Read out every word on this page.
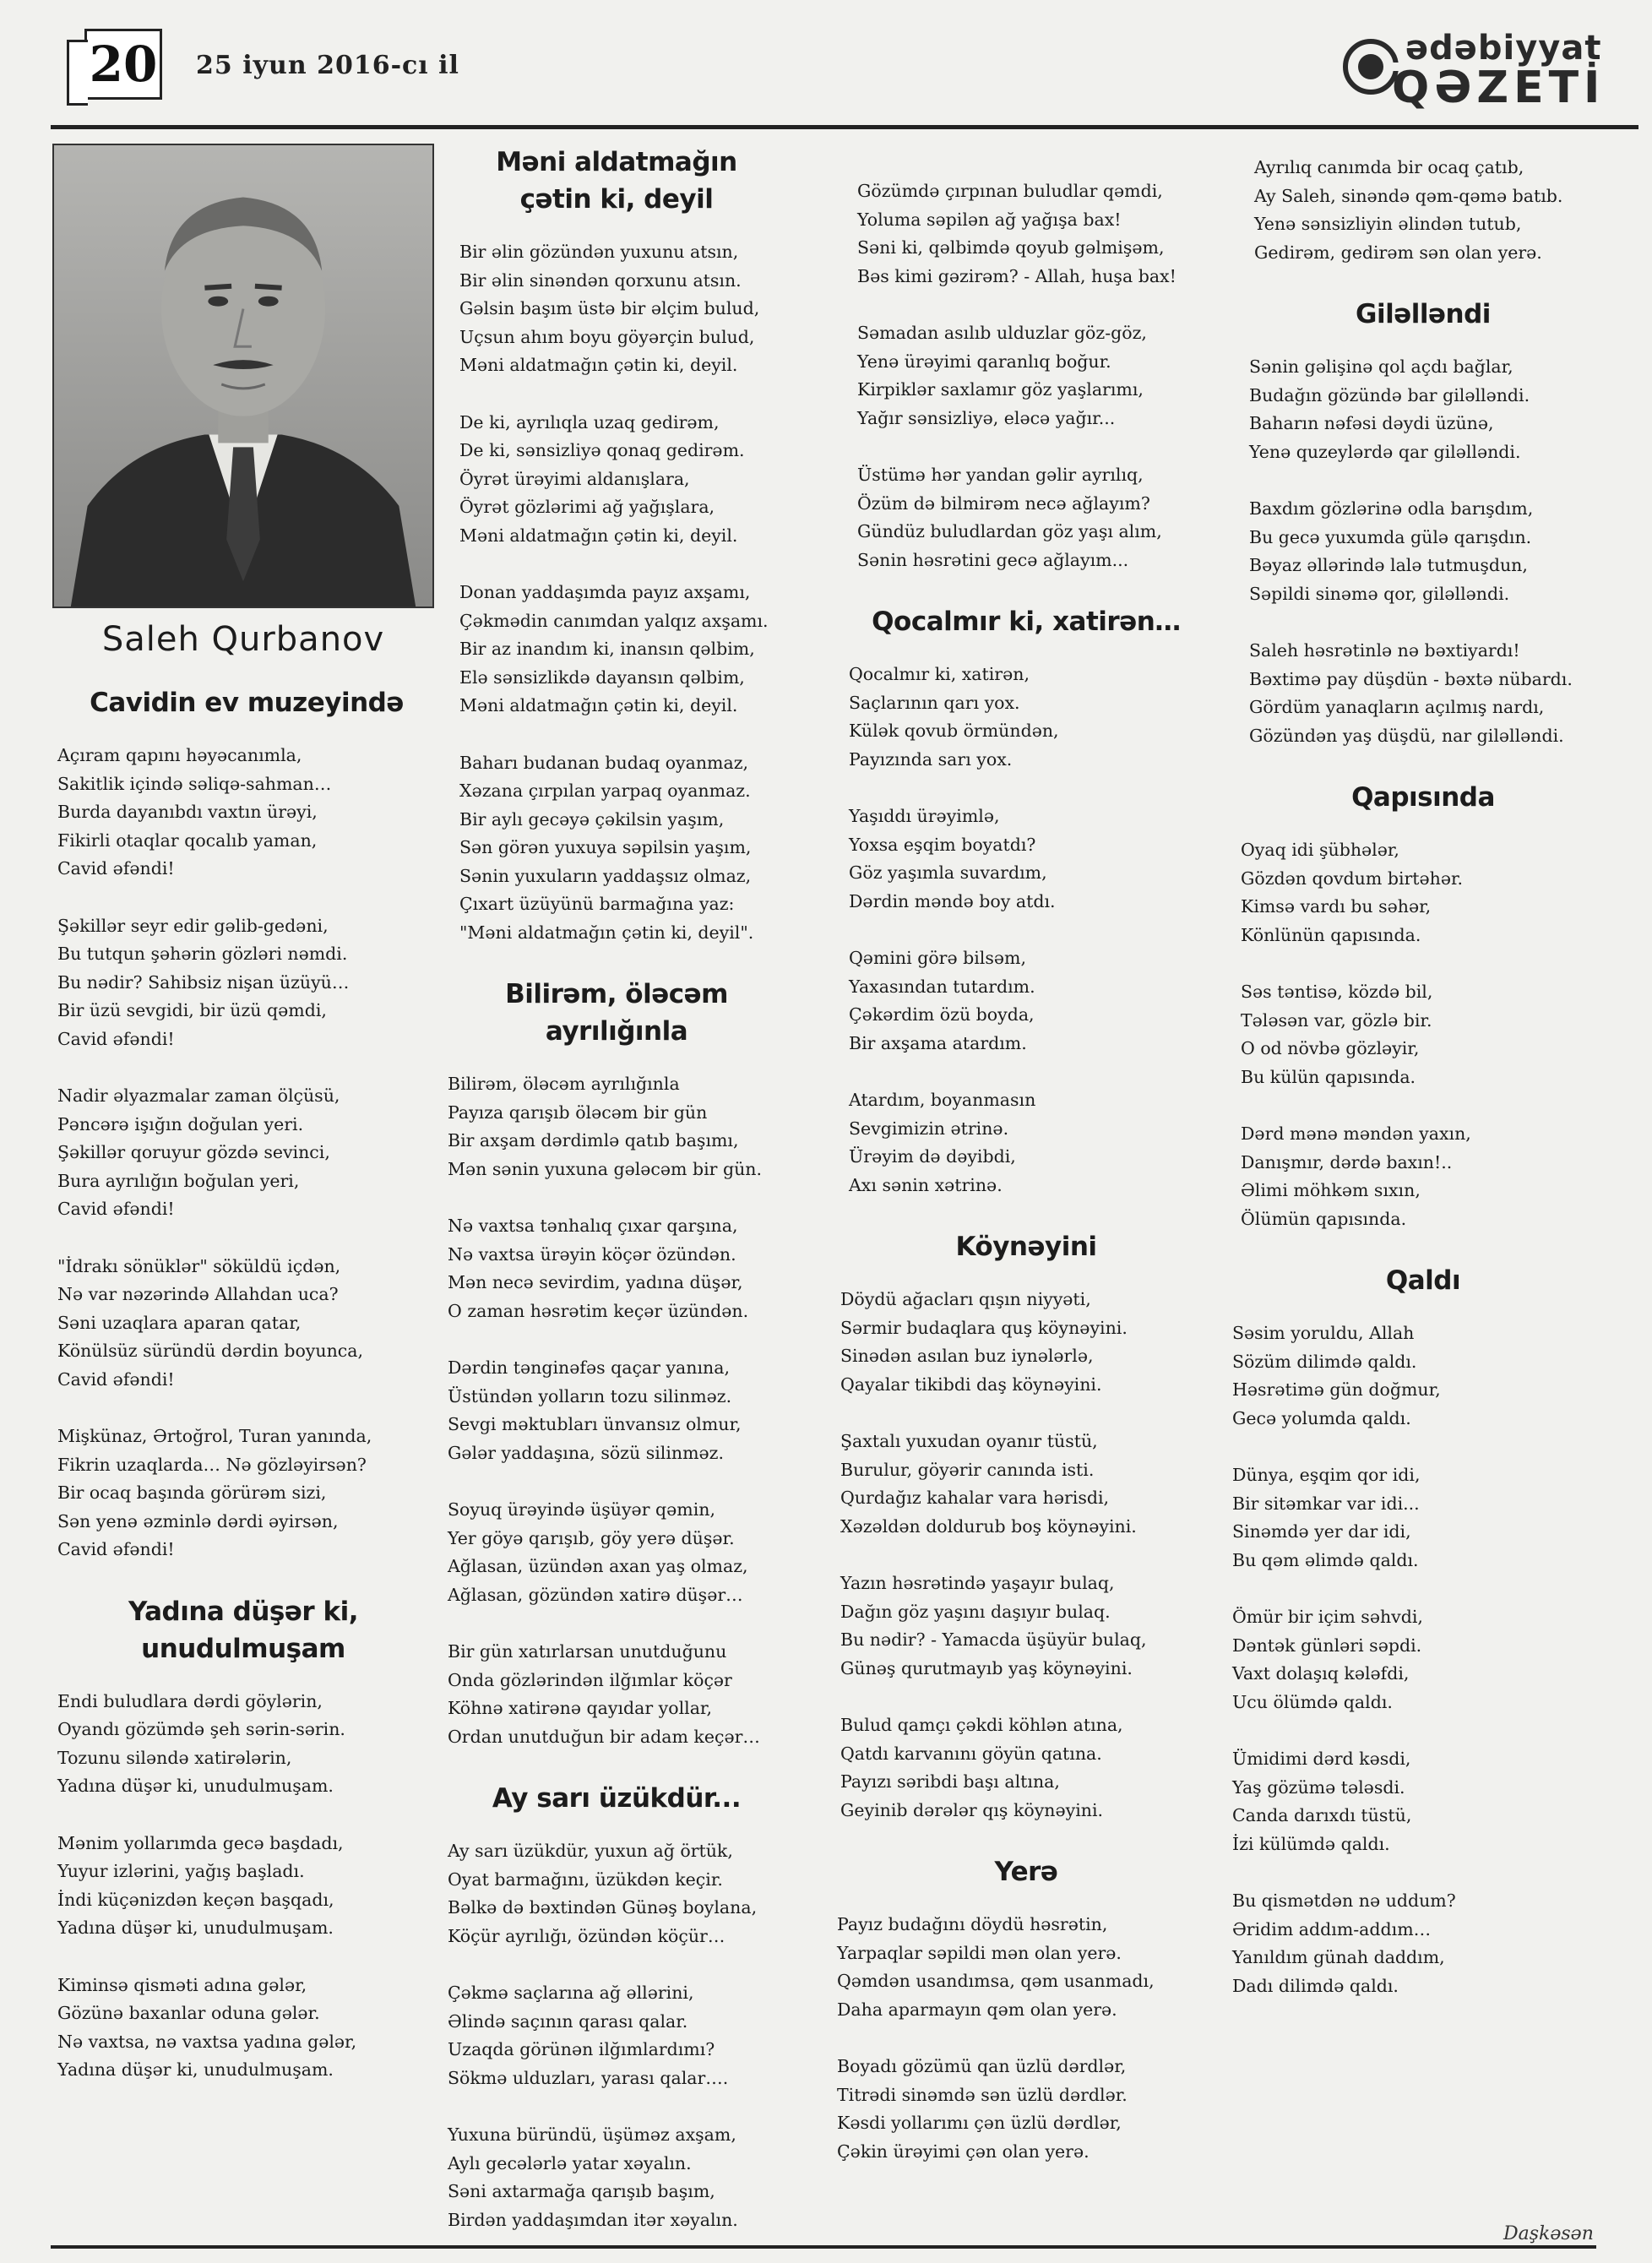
20 25 iyun 2016-cı il	ədəbiyyat
QƏZETİ
Saleh Qurbanov
Cavidin ev muzeyində
Açıram qapını həyəcanımla,
Sakitlik içində səliqə-sahman…
Burda dayanıbdı vaxtın ürəyi,
Fikirli otaqlar qocalıb yaman,
Cavid əfəndi!
Şəkillər seyr edir gəlib-gedəni,
Bu tutqun şəhərin gözləri nəmdi.
Bu nədir? Sahibsiz nişan üzüyü…
Bir üzü sevgidi, bir üzü qəmdi,
Cavid əfəndi!
Nadir əlyazmalar zaman ölçüsü,
Pəncərə işığın doğulan yeri.
Şəkillər qoruyur gözdə sevinci,
Bura ayrılığın boğulan yeri,
Cavid əfəndi!
"İdrakı sönüklər" söküldü içdən,
Nə var nəzərində Allahdan uca?
Səni uzaqlara aparan qatar,
Könülsüz süründü dərdin boyunca,
Cavid əfəndi!
Mişkünaz, Ərtoğrol, Turan yanında,
Fikrin uzaqlarda… Nə gözləyirsən?
Bir ocaq başında görürəm sizi,
Sən yenə əzminlə dərdi əyirsən,
Cavid əfəndi!
Yadına düşər ki, unudulmuşam
Endi buludlara dərdi göylərin,
Oyandı gözümdə şeh sərin-sərin.
Tozunu siləndə xatirələrin,
Yadına düşər ki, unudulmuşam.
Mənim yollarımda gecə başdadı,
Yuyur izlərini, yağış başladı.
İndi küçənizdən keçən başqadı,
Yadına düşər ki, unudulmuşam.
Kiminsə qisməti adına gələr,
Gözünə baxanlar oduna gələr.
Nə vaxtsa, nə vaxtsa yadına gələr,
Yadına düşər ki, unudulmuşam.
Məni aldatmağın çətin ki, deyil
Bir əlin gözündən yuxunu atsın,
Bir əlin sinəndən qorxunu atsın.
Gəlsin başım üstə bir əlçim bulud,
Uçsun ahım boyu göyərçin bulud,
Məni aldatmağın çətin ki, deyil.
De ki, ayrılıqla uzaq gedirəm,
De ki, sənsizliyə qonaq gedirəm.
Öyrət ürəyimi aldanışlara,
Öyrət gözlərimi ağ yağışlara,
Məni aldatmağın çətin ki, deyil.
Donan yaddaşımda payız axşamı,
Çəkmədin canımdan yalqız axşamı.
Bir az inandım ki, inansın qəlbim,
Elə sənsizlikdə dayansın qəlbim,
Məni aldatmağın çətin ki, deyil.
Baharı budanan budaq oyanmaz,
Xəzana çırpılan yarpaq oyanmaz.
Bir aylı gecəyə çəkilsin yaşım,
Sən görən yuxuya səpilsin yaşım,
Sənin yuxuların yaddaşsız olmaz,
Çıxart üzüyünü barmağına yaz:
"Məni aldatmağın çətin ki, deyil".
Bilirəm, öləcəm ayrılığınla
Bilirəm, öləcəm ayrılığınla
Payıza qarışıb öləcəm bir gün
Bir axşam dərdimlə qatıb başımı,
Mən sənin yuxuna gələcəm bir gün.
Nə vaxtsa tənhalıq çıxar qarşına,
Nə vaxtsa ürəyin köçər özündən.
Mən necə sevirdim, yadına düşər,
O zaman həsrətim keçər üzündən.
Dərdin təngi​nəfəs qaçar yanına,
Üstündən yolların tozu silinməz.
Sevgi məktubları ünvansız olmur,
Gələr yaddaşına, sözü silinməz.
Soyuq ürəyində üşüyər qəmin,
Yer göyə qarışıb, göy yerə düşər.
Ağlasan, üzündən axan yaş olmaz,
Ağlasan, gözündən xatirə düşər…
Bir gün xatırlarsan unutduğunu
Onda gözlərindən ilğımlar köçər
Köhnə xatirənə qayıdar yollar,
Ordan unutduğun bir adam keçər…
Ay sarı üzükdür...
Ay sarı üzükdür, yuxun ağ örtük,
Oyat barmağını, üzükdən keçir.
Bəlkə də bəxtindən Günəş boylana,
Köçür ayrılığı, özündən köçür…
Çəkmə saçlarına ağ əllərini,
Əlində saçının qarası qalar.
Uzaqda görünən ilğımlardımı?
Sökmə ulduzları, yarası qalar….
Yuxuna büründü, üşüməz axşam,
Aylı gecələrlə yatar xəyalın.
Səni axtarmağa qarışıb başım,
Birdən yaddaşımdan itər xəyalın.
Gözümdə çırpınan buludlar qəmdi,
Yoluma səpilən ağ yağışa bax!
Səni ki, qəlbimdə qoyub gəlmişəm,
Bəs kimi gəzirəm? - Allah, huşa bax!
Səmadan asılıb ulduzlar göz-göz,
Yenə ürəyimi qaranlıq boğur.
Kirpiklər saxlamır göz yaşlarımı,
Yağır sənsizliyə, eləcə yağır...
Üstümə hər yandan gəlir ayrılıq,
Özüm də bilmirəm necə ağlayım?
Gündüz buludlardan göz yaşı alım,
Sənin həsrətini gecə ağlayım...
Qocalmır ki, xatirən…
Qocalmır ki, xatirən,
Saçlarının qarı yox.
Külək qovub örmündən,
Payızında sarı yox.
Yaşıddı ürəyimlə,
Yoxsa eşqim boyatdı?
Göz yaşımla suvardım,
Dərdin məndə boy atdı.
Qəmini görə bilsəm,
Yaxasından tutardım.
Çəkərdim özü boyda,
Bir axşama atardım.
Atardım, boyanmasın
Sevgimizin ətrinə.
Ürəyim də dəyibdi,
Axı sənin xətrinə.
Köynəyini
Döydü ağacları qışın niyyəti,
Sərmir budaqlara quş köynəyini.
Sinədən asılan buz iynələrlə,
Qayalar tikibdi daş köynəyini.
Şaxtalı yuxudan oyanır tüstü,
Burulur, göyərir canında isti.
Qurdağız kahalar vara hərisdi,
Xəzəldən doldurub boş köynəyini.
Yazın həsrətində yaşayır bulaq,
Dağın göz yaşını daşıyır bulaq.
Bu nədir? - Yamacda üşüyür bulaq,
Günəş qurutmayıb yaş köynəyini.
Bulud qamçı çəkdi köhlən atına,
Qatdı karvanını göyün qatına.
Payızı səribdi başı altına,
Geyinib dərələr qış köynəyini.
Yerə
Payız budağını döydü həsrətin,
Yarpaqlar səpildi mən olan yerə.
Qəmdən usandımsa, qəm usanmadı,
Daha aparmayın qəm olan yerə.
Boyadı gözümü qan üzlü dərdlər,
Titrədi sinəmdə sən üzlü dərdlər.
Kəsdi yollarımı çən üzlü dərdlər,
Çəkin ürəyimi çən olan yerə.
Ayrılıq canımda bir ocaq çatıb,
Ay Saleh, sinəndə qəm-qəmə batıb.
Yenə sənsizliyin əlindən tutub,
Gedirəm, gedirəm sən olan yerə.
Giləlləndi
Sənin gəlişinə qol açdı bağlar,
Budağın gözündə bar giləlləndi.
Baharın nəfəsi dəydi üzünə,
Yenə quzeylərdə qar giləlləndi.
Baxdım gözlərinə odla barışdım,
Bu gecə yuxumda gülə qarışdın.
Bəyaz əllərində lalə tutmuşdun,
Səpildi sinəmə qor, giləlləndi.
Saleh həsrətinlə nə bəxtiyardı!
Bəxtimə pay düşdün - bəxtə nübardı.
Gördüm yanaqların açılmış nardı,
Gözündən yaş düşdü, nar giləlləndi.
Qapısında
Oyaq idi şübhələr,
Gözdən qovdum birtəhər.
Kimsə vardı bu səhər,
Könlünün qapısında.
Səs təntisə, közdə bil,
Tələsən var, gözlə bir.
O od növbə gözləyir,
Bu külün qapısında.
Dərd mənə məndən yaxın,
Danışmır, dərdə baxın!..
Əlimi möhkəm sıxın,
Ölümün qapısında.
Qaldı
Səsim yoruldu, Allah
Sözüm dilimdə qaldı.
Həsrətimə gün doğmur,
Gecə yolumda qaldı.
Dünya, eşqim qor idi,
Bir sitəmkar var idi...
Sinəmdə yer dar idi,
Bu qəm əlimdə qaldı.
Ömür bir içim səhvdi,
Dəntək günləri səpdi.
Vaxt dolaşıq kələfdi,
Ucu ölümdə qaldı.
Ümidimi dərd kəsdi,
Yaş gözümə tələsdi.
Canda darıxdı tüstü,
İzi külümdə qaldı.
Bu qismətdən nə uddum?
Əridim addım-addım…
Yanıldım günah daddım,
Dadı dilimdə qaldı.
Daşkəsən
